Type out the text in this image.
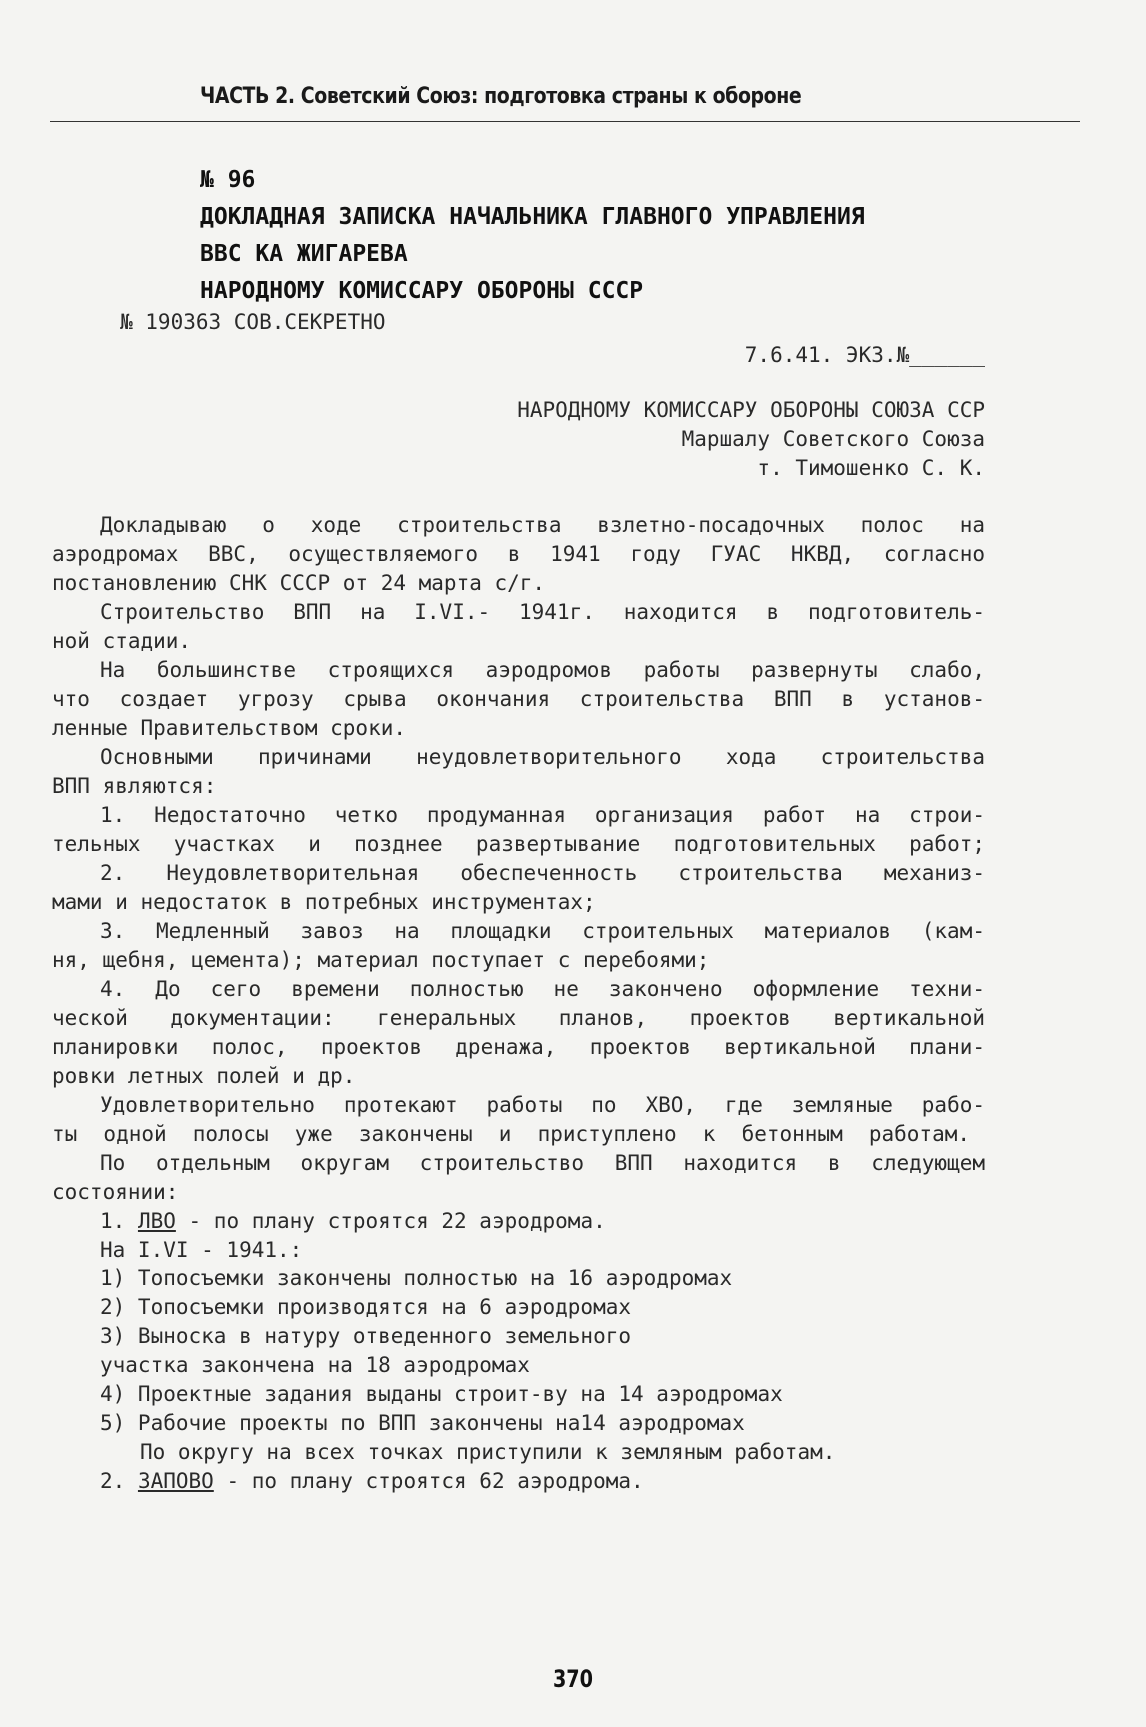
ЧАСТЬ 2. Советский Союз: подготовка страны к обороне
№ 96
ДОКЛАДНАЯ ЗАПИСКА НАЧАЛЬНИКА ГЛАВНОГО УПРАВЛЕНИЯ
ВВС КА ЖИГАРЕВА
НАРОДНОМУ КОМИССАРУ ОБОРОНЫ СССР
№ 190363 СОВ.СЕКРЕТНО
7.6.41. ЭКЗ.№______
НАРОДНОМУ КОМИССАРУ ОБОРОНЫ СОЮЗА ССР
Маршалу Советского Союза
т. Тимошенко С. К.
Докладываю о ходе строительства взлетно-посадочных полос на
аэродромах ВВС, осуществляемого в 1941 году ГУАС НКВД, согласно
постановлению СНК СССР от 24 марта с/г.
Строительство ВПП на I.VI.- 1941г. находится в подготовитель-
ной стадии.
На большинстве строящихся аэродромов работы развернуты слабо,
что создает угрозу срыва окончания строительства ВПП в установ-
ленные Правительством сроки.
Основными причинами неудовлетворительного хода строительства
ВПП являются:
1. Недостаточно четко продуманная организация работ на строи-
тельных участках и позднее развертывание подготовительных работ;
2. Неудовлетворительная обеспеченность строительства механиз-
мами и недостаток в потребных инструментах;
3. Медленный завоз на площадки строительных материалов (кам-
ня, щебня, цемента); материал поступает с перебоями;
4. До сего времени полностью не закончено оформление техни-
ческой документации: генеральных планов, проектов вертикальной
планировки полос, проектов дренажа, проектов вертикальной плани-
ровки летных полей и др.
Удовлетворительно протекают работы по ХВО, где земляные рабо-
ты одной полосы уже закончены и приступлено к бетонным работам.
По отдельным округам строительство ВПП находится в следующем
состоянии:
1. ЛВО - по плану строятся 22 аэродрома.
На I.VI - 1941.:
1) Топосъемки закончены полностью на 16 аэродромах
2) Топосъемки производятся на 6 аэродромах
3) Выноска в натуру отведенного земельного
участка закончена на 18 аэродромах
4) Проектные задания выданы строит-ву на 14 аэродромах
5) Рабочие проекты по ВПП закончены на14 аэродромах
По округу на всех точках приступили к земляным работам.
2. ЗАПОВО - по плану строятся 62 аэродрома.
370
